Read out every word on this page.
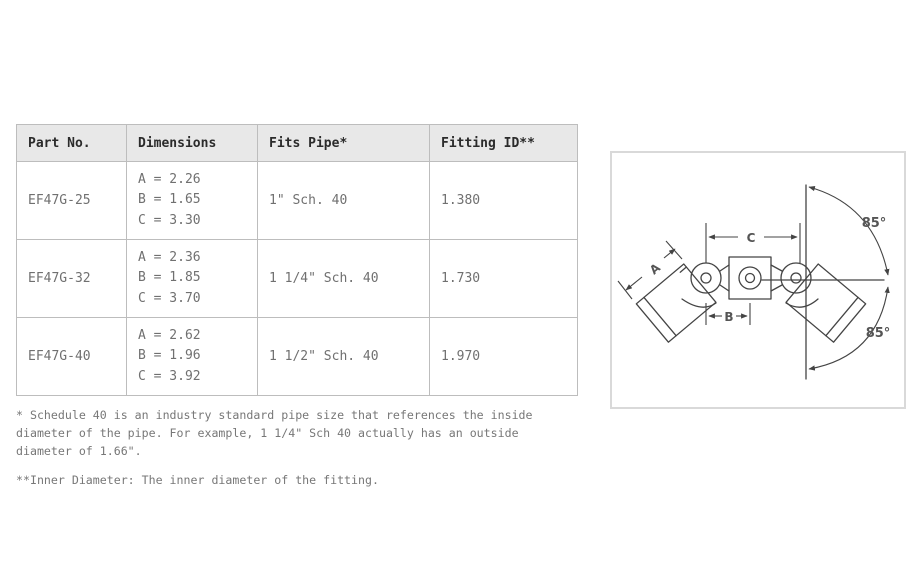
Part No.	Dimensions	Fits Pipe*	Fitting ID**
EF47G-25	A = 2.26
B = 1.65
C = 3.30	1" Sch. 40	1.380
EF47G-32	A = 2.36
B = 1.85
C = 3.70	1 1/4" Sch. 40	1.730
EF47G-40	A = 2.62
B = 1.96
C = 3.92	1 1/2" Sch. 40	1.970

* Schedule 40 is an industry standard pipe size that references the inside diameter of the pipe. For example, 1 1/4" Sch 40 actually has an outside diameter of 1.66".

**Inner Diameter: The inner diameter of the fitting.

C
B
A
85°
85°
